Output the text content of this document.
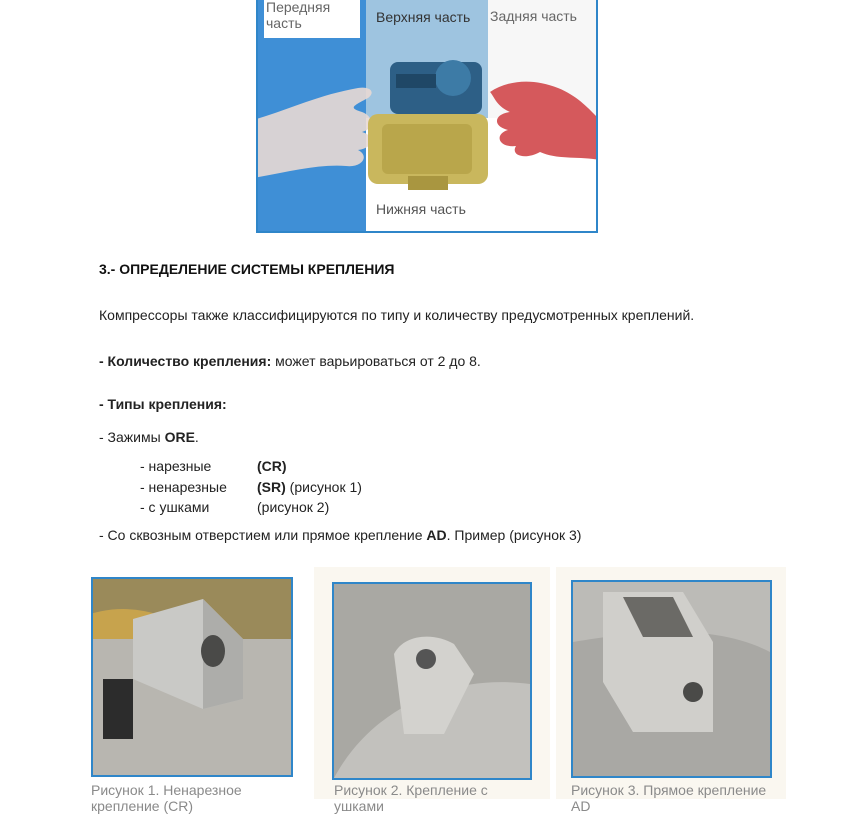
Передняя часть	Верхняя часть Задняя часть
Нижняя часть
3.- ОПРЕДЕЛЕНИЕ СИСТЕМЫ КРЕПЛЕНИЯ
Компрессоры также классифицируются по типу и количеству предусмотренных креплений.
- Количество крепления: может варьироваться от 2 до 8.
- Типы крепления:
- Зажимы ORE.
- нарезные	(CR)
- ненарезные (SR) (рисунок 1)
- с ушками	(рисунок 2)
- Со сквозным отверстием или прямое крепление AD. Пример (рисунок 3)
Рисунок 1. Ненарезное крепление (CR)
Рисунок 2. Крепление с ушками
Рисунок 3. Прямое крепление AD
